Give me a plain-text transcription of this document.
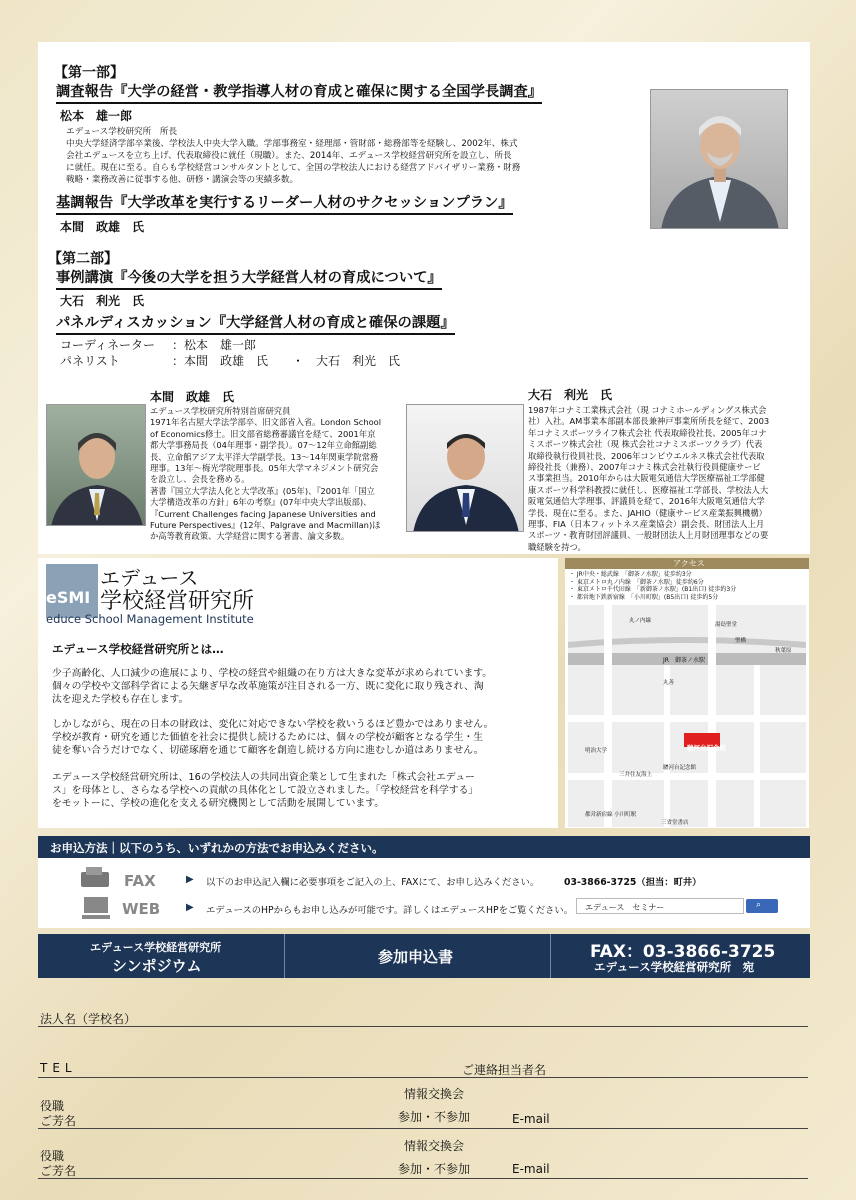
【第一部】
調査報告『大学の経営・教学指導人材の育成と確保に関する全国学長調査』
松本　雄一郎
エデュース学校研究所　所長
中央大学経済学部卒業後、学校法人中央大学入職。学部事務室・経理部・管財部・総務部等を経験し、2002年、株式
会社エデュースを立ち上げ、代表取締役に就任（現職）。また、2014年、エデュース学校経営研究所を設立し、所長
に就任。現在に至る。自らも学校経営コンサルタントとして、全国の学校法人における経営アドバイザリー業務・財務
戦略・業務改善に従事する他、研修・講演会等の実績多数。
基調報告『大学改革を実行するリーダー人材のサクセッションプラン』
本間　政雄　氏
【第二部】
事例講演『今後の大学を担う大学経営人材の育成について』
大石　利光　氏
パネルディスカッション『大学経営人材の育成と確保の課題』
コーディネーター ：松本　雄一郎
パネリスト	：本間　政雄　氏　　・　大石　利光　氏
本間　政雄　氏
エデュース学校研究所特別首席研究員
1971年名古屋大学法学部卒、旧文部省入省。London School
of Economics修士。旧文部省総務審議官を経て、2001年京
都大学事務局長（04年理事・副学長）。07～12年立命館副総
長、立命館アジア太平洋大学副学長。13～14年関東学院常務
理事。13年～梅光学院理事長。05年大学マネジメント研究会
を設立し、会長を務める。
著書『国立大学法人化と大学改革』(05年)、『2001年「国立
大学構造改革の方針」6年の考察』(07年中央大学出版部)、
『Current Challenges facing Japanese Universities and
Future Perspectives』(12年、Palgrave and Macmillan)ほ
か高等教育政策、大学経営に関する著書、論文多数。
大石　利光　氏
1987年コナミ工業株式会社（現 コナミホールディングス株式会
社）入社。AM事業本部副本部長兼神戸事業所所長を経て、2003
年コナミスポーツライフ株式会社 代表取締役社長、2005年コナ
ミスポーツ株式会社（現 株式会社コナミスポーツクラブ）代表
取締役執行役員社長、2006年コンビウエルネス株式会社代表取
締役社長（兼務）、2007年コナミ株式会社執行役員健康サービ
ス事業担当。2010年からは大阪電気通信大学医療福祉工学部健
康スポーツ科学科教授に就任し、医療福祉工学部長、学校法人大
阪電気通信大学理事、評議員を経て、2016年大阪電気通信大学
学長、現在に至る。また、JAHIO（健康サービス産業振興機構）
理事、FIA（日本フィットネス産業協会）副会長、財団法人上月
スポーツ・教育財団評議員、一般財団法人上月財団理事などの要
職経験を持つ。
eSMI
エデュース
学校経営研究所
educe School Management Institute
エデュース学校経営研究所とは…
少子高齢化、人口減少の進展により、学校の経営や組織の在り方は大きな変革が求められています。
個々の学校や文部科学省による矢継ぎ早な改革施策が注目される一方、既に変化に取り残され、淘
汰を迎えた学校も存在します。
しかしながら、現在の日本の財政は、変化に対応できない学校を救いうるほど豊かではありません。
学校が教育・研究を通じた価値を社会に提供し続けるためには、個々の学校が顧客となる学生・生
徒を奪い合うだけでなく、切磋琢磨を通じて顧客を創造し続ける方向に進むしか道はありません。
エデュース学校経営研究所は、16の学校法人の共同出資企業として生まれた「株式会社エデュー
ス」を母体とし、さらなる学校への貢献の具体化として設立されました。「学校経営を科学する」
をモットーに、学校の進化を支える研究機関として活動を展開しています。
アクセス
・ JR中央・総武線　「御茶ノ水駅」徒歩約3分
・ 東京メトロ丸ノ内線　「御茶ノ水駅」徒歩約6分
・ 東京メトロ千代田線　「新御茶ノ水駅」(B1出口) 徒歩約3分
・ 都営地下鉄新宿線　「小川町駅」(B5出口) 徒歩約5分
JR　御茶ノ水駅
丸ノ内線
湯島聖堂
聖橋
秋葉原
丸善
明治大学
三井住友海上
駿河台記念館
駿河台記念館
都営新宿線 小川町駅
三省堂書店
お申込方法｜以下のうち、いずれかの方法でお申込みください。
FAX	▶ 以下のお申込記入欄に必要事項をご記入の上、FAXにて、お申し込みください。	03-3866-3725（担当：町井）
WEB	▶ エデュースのHPからもお申し込みが可能です。詳しくはエデュースHPをご覧ください。	エデュース　セミナー	検索
⌕
エデュース学校経営研究所
シンポジウム	参加申込書	FAX：03-3866-3725
エデュース学校経営研究所　宛
法人名（学校名）
TEL	ご連絡担当者名
情報交換会
役職
参加・不参加
ご芳名	E-mail
情報交換会
役職
参加・不参加
ご芳名	E-mail
